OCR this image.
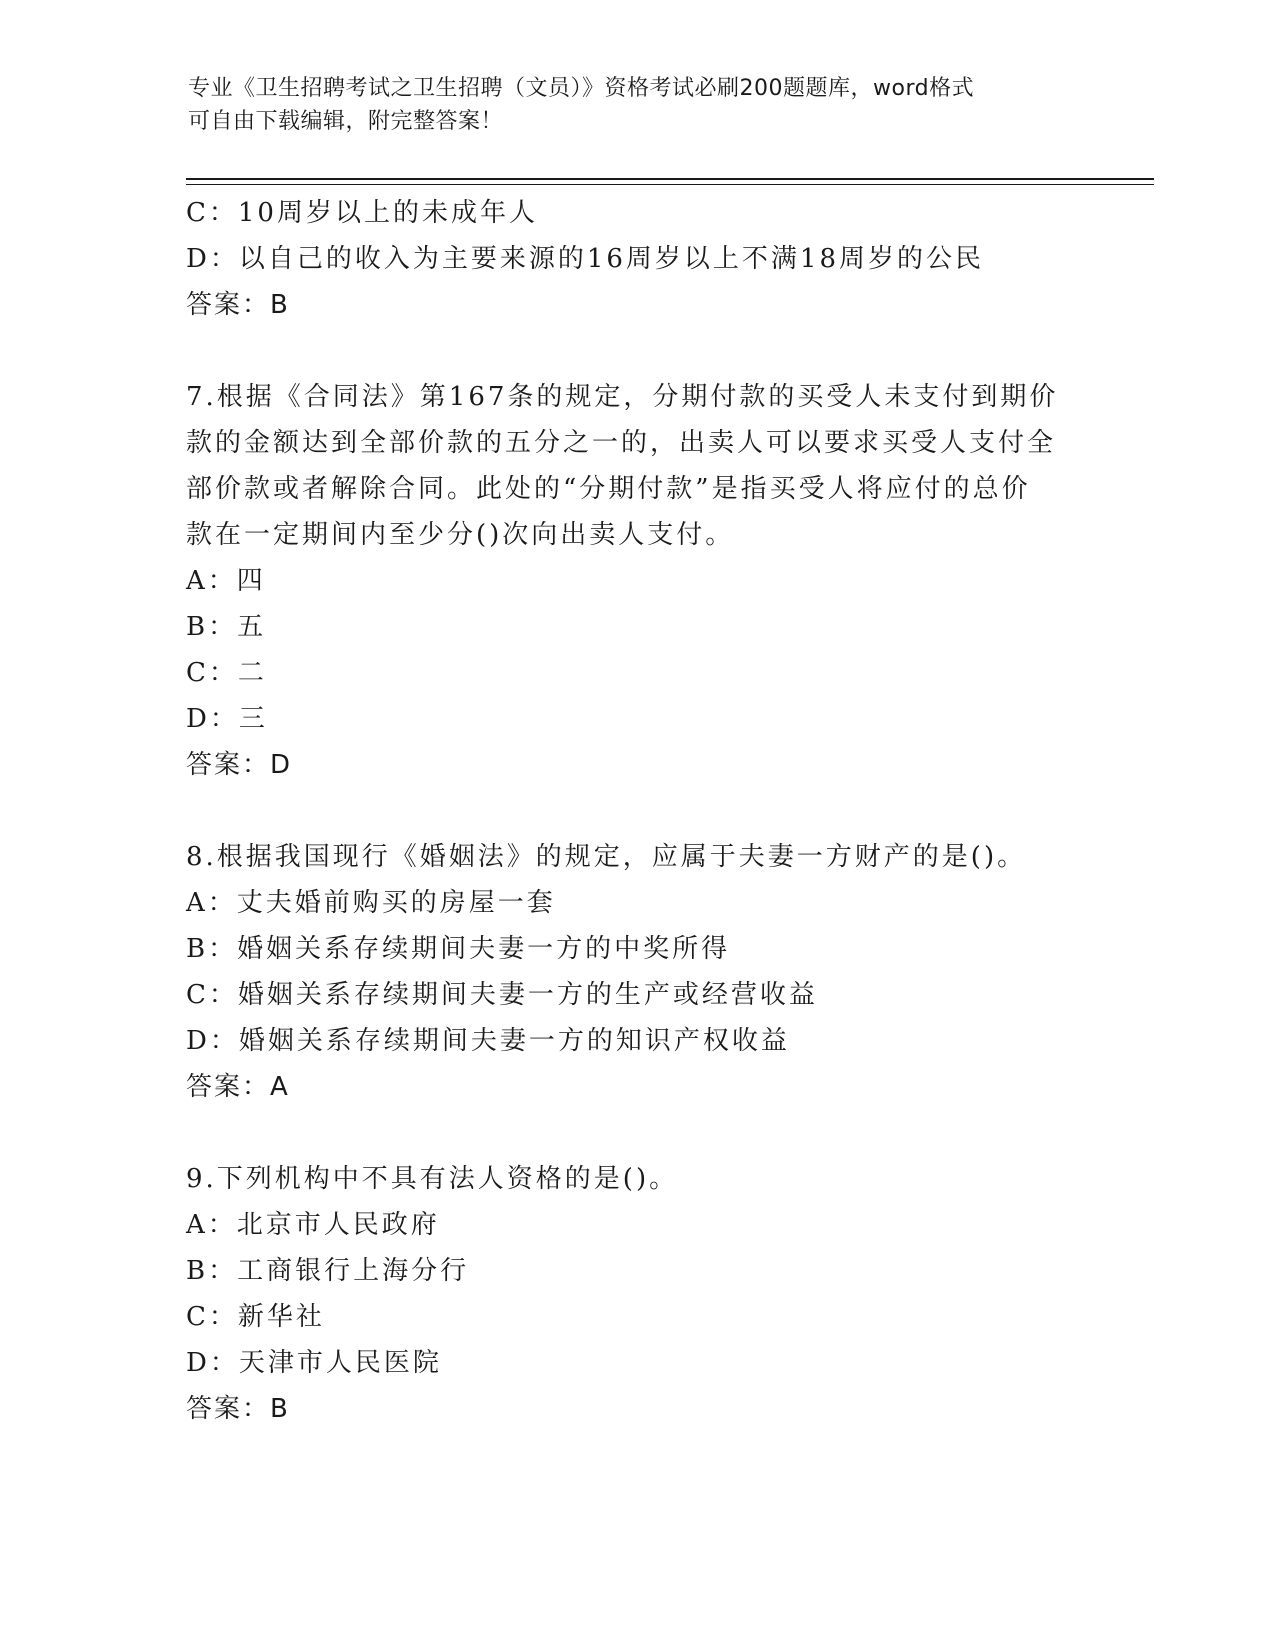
专业《卫生招聘考试之卫生招聘（文员）》资格考试必刷200题题库，word格式
可自由下载编辑，附完整答案！
C：10周岁以上的未成年人
D：以自己的收入为主要来源的16周岁以上不满18周岁的公民
答案：B
7.根据《合同法》第167条的规定，分期付款的买受人未支付到期价
款的金额达到全部价款的五分之一的，出卖人可以要求买受人支付全
部价款或者解除合同。此处的“分期付款”是指买受人将应付的总价
款在一定期间内至少分()次向出卖人支付。
A：四
B：五
C：二
D：三
答案：D
8.根据我国现行《婚姻法》的规定，应属于夫妻一方财产的是()。
A：丈夫婚前购买的房屋一套
B：婚姻关系存续期间夫妻一方的中奖所得
C：婚姻关系存续期间夫妻一方的生产或经营收益
D：婚姻关系存续期间夫妻一方的知识产权收益
答案：A
9.下列机构中不具有法人资格的是()。
A：北京市人民政府
B：工商银行上海分行
C：新华社
D：天津市人民医院
答案：B
